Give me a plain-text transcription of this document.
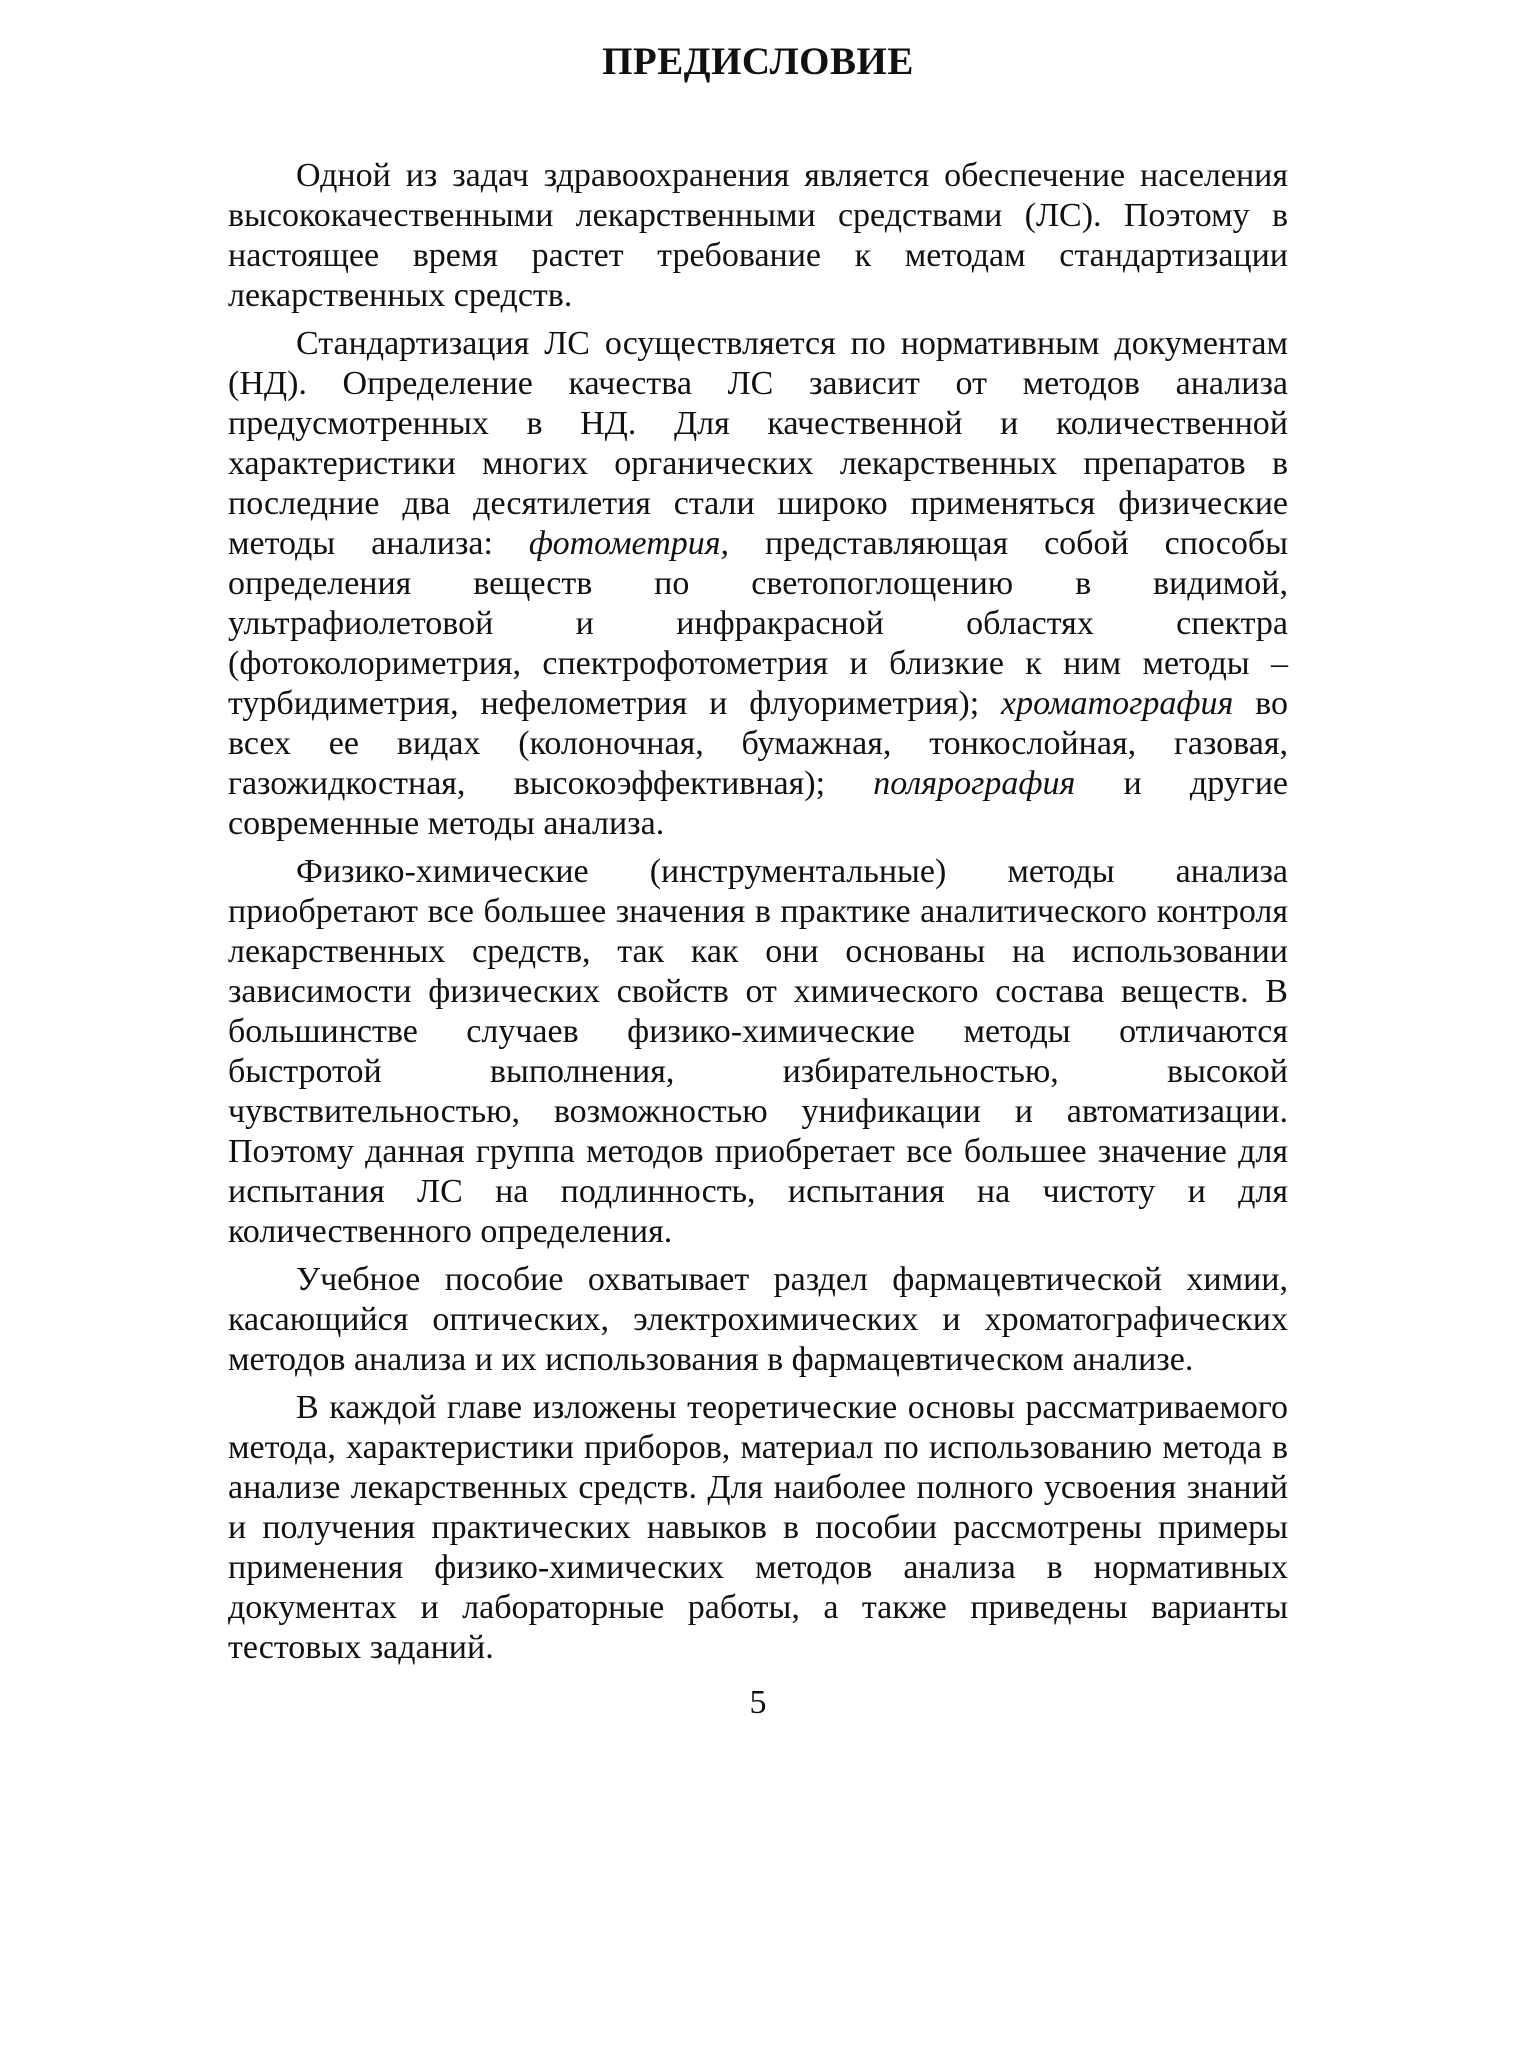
ПРЕДИСЛОВИЕ

Одной из задач здравоохранения является обеспечение населения высококачественными лекарственными средствами (ЛС). Поэтому в настоящее время растет требование к методам стандартизации лекарственных средств.

Стандартизация ЛС осуществляется по нормативным документам (НД). Определение качества ЛС зависит от методов анализа предусмотренных в НД. Для качественной и количественной характеристики многих органических лекарственных препаратов в последние два десятилетия стали широко применяться физические методы анализа: фотометрия, представляющая собой способы определения веществ по светопоглощению в видимой, ультрафиолетовой и инфракрасной областях спектра (фотоколориметрия, спектрофотометрия и близкие к ним методы – турбидиметрия, нефелометрия и флуориметрия); хроматография во всех ее видах (колоночная, бумажная, тонкослойная, газовая, газожидкостная, высокоэффективная); полярография и другие современные методы анализа.

Физико-химические (инструментальные) методы анализа приобретают все большее значения в практике аналитического контроля лекарственных средств, так как они основаны на использовании зависимости физических свойств от химического состава веществ. В большинстве случаев физико-химические методы отличаются быстротой выполнения, избирательностью, высокой чувствительностью, возможностью унификации и автоматизации. Поэтому данная группа методов приобретает все большее значение для испытания ЛС на подлинность, испытания на чистоту и для количественного определения.

Учебное пособие охватывает раздел фармацевтической химии, касающийся оптических, электрохимических и хроматографических методов анализа и их использования в фармацевтическом анализе.

В каждой главе изложены теоретические основы рассматриваемого метода, характеристики приборов, материал по использованию метода в анализе лекарственных средств. Для наиболее полного усвоения знаний и получения практических навыков в пособии рассмотрены примеры применения физико-химических методов анализа в нормативных документах и лабораторные работы, а также приведены варианты тестовых заданий.

5
